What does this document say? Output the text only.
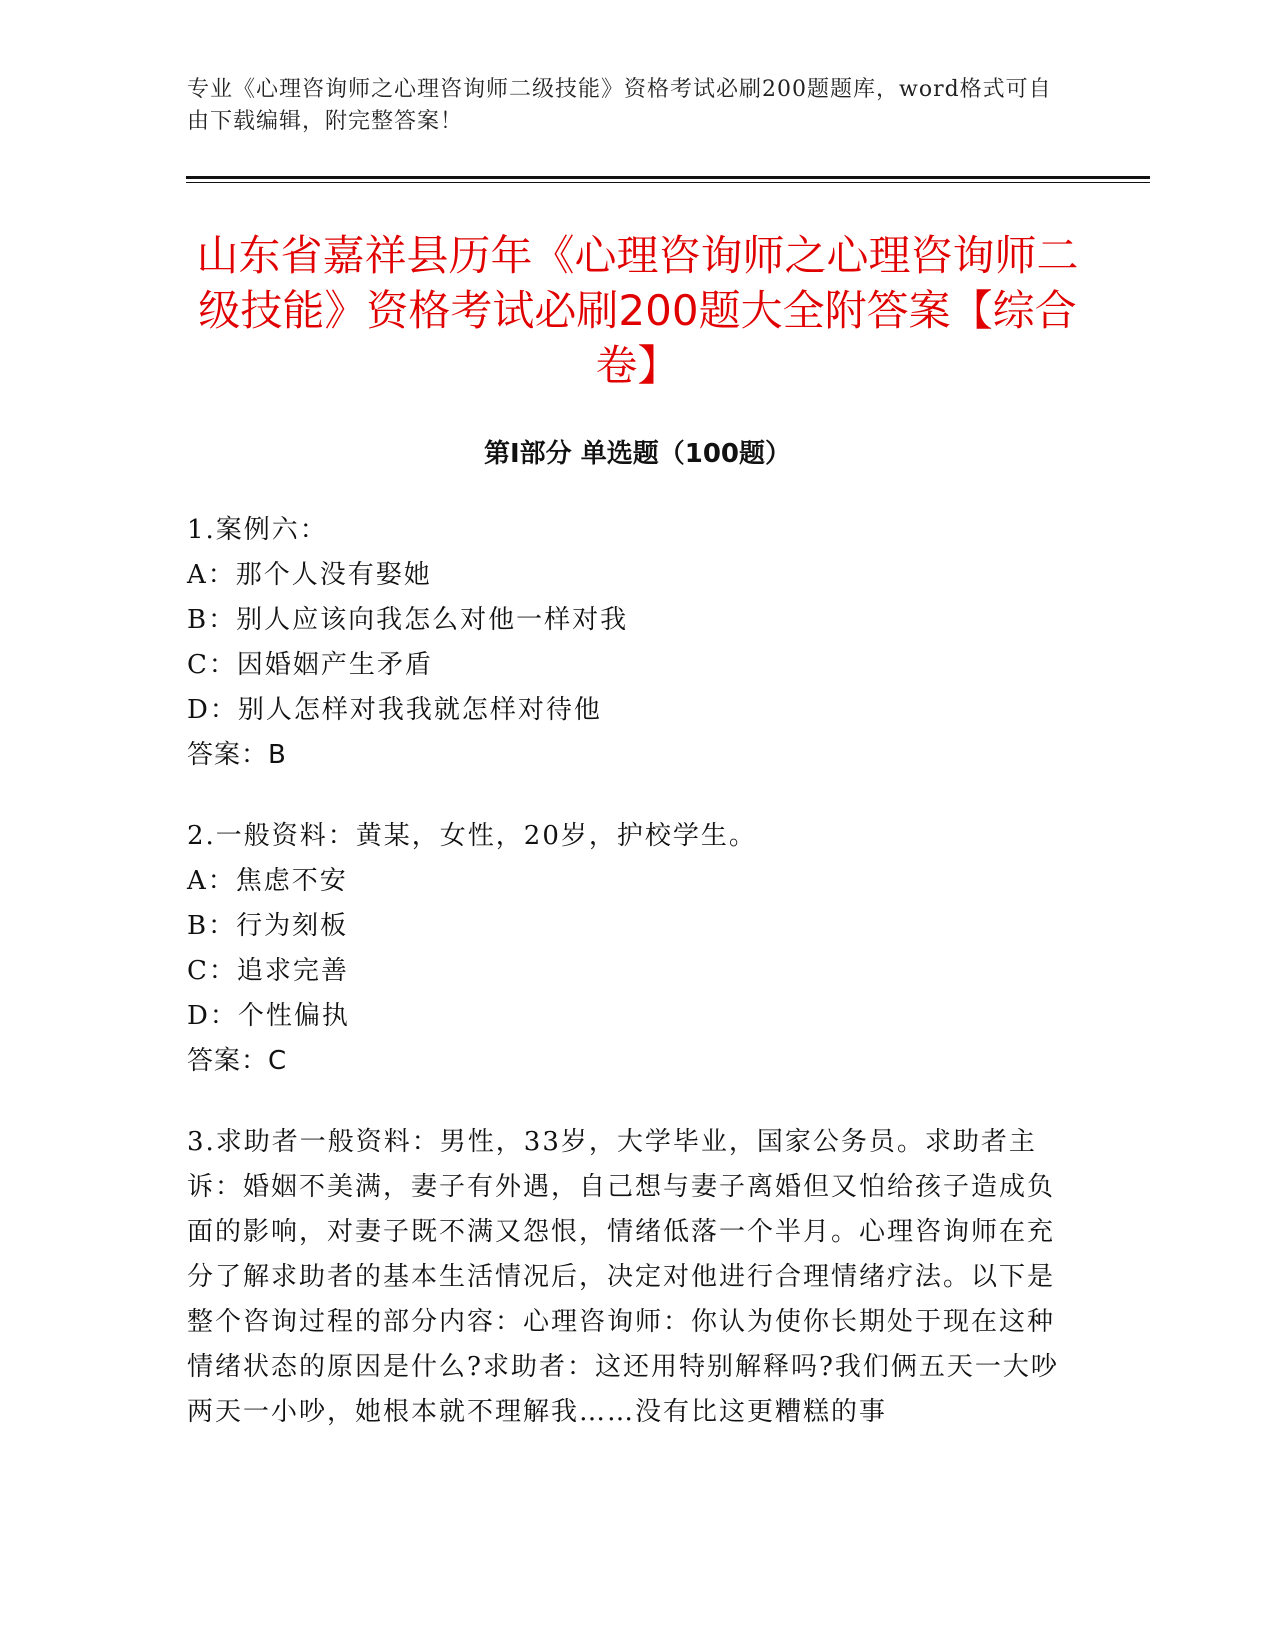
专业《心理咨询师之心理咨询师二级技能》资格考试必刷200题题库，word格式可自由下载编辑，附完整答案！
山东省嘉祥县历年《心理咨询师之心理咨询师二级技能》资格考试必刷200题大全附答案【综合卷】
第Ⅰ部分 单选题（100题）
1.案例六：
A：那个人没有娶她
B：别人应该向我怎么对他一样对我
C：因婚姻产生矛盾
D：别人怎样对我我就怎样对待他
答案：B
2.一般资料：黄某，女性，20岁，护校学生。
A：焦虑不安
B：行为刻板
C：追求完善
D：个性偏执
答案：C
3.求助者一般资料：男性，33岁，大学毕业，国家公务员。求助者主诉：婚姻不美满，妻子有外遇，自己想与妻子离婚但又怕给孩子造成负面的影响，对妻子既不满又怨恨，情绪低落一个半月。心理咨询师在充分了解求助者的基本生活情况后，决定对他进行合理情绪疗法。以下是整个咨询过程的部分内容：心理咨询师：你认为使你长期处于现在这种情绪状态的原因是什么?求助者：这还用特别解释吗?我们俩五天一大吵两天一小吵，她根本就不理解我……没有比这更糟糕的事
